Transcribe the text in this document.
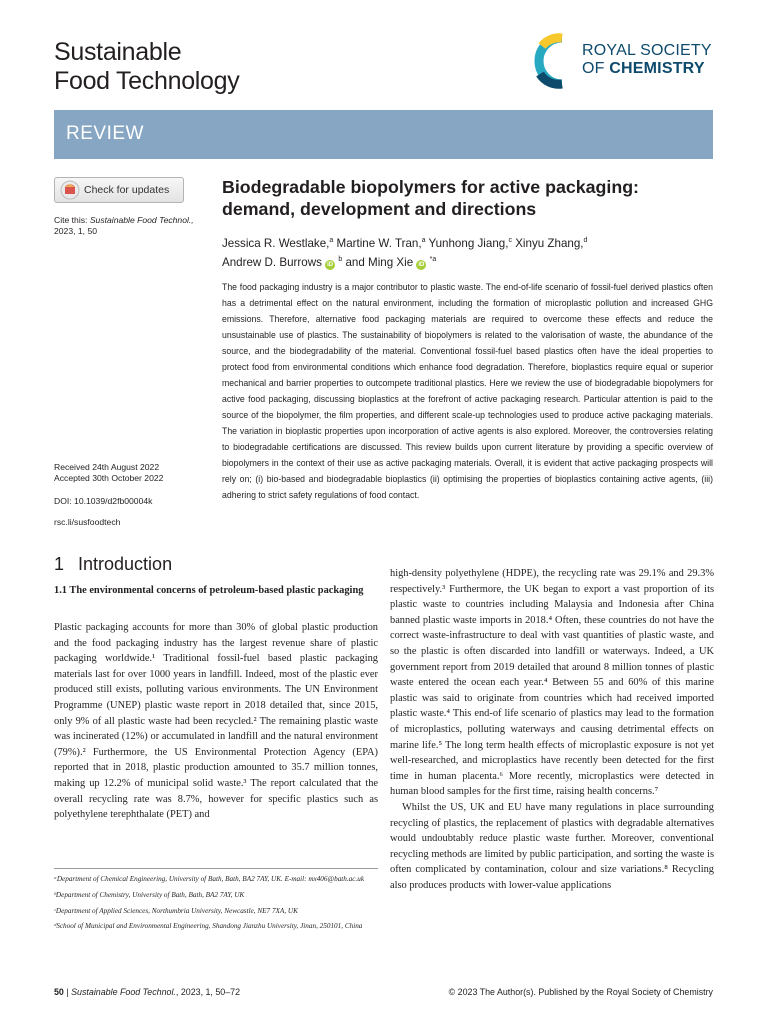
Sustainable
Food Technology
ROYAL SOCIETY
OF CHEMISTRY
REVIEW
Check for updates
Cite this: Sustainable Food Technol.,
2023, 1, 50
Received 24th August 2022
Accepted 30th October 2022
DOI: 10.1039/d2fb00004k
rsc.li/susfoodtech
Biodegradable biopolymers for active packaging: demand, development and directions
Jessica R. Westlake,$^a$ Martine W. Tran,$^a$ Yunhong Jiang,$^c$ Xinyu Zhang,$^d$
Andrew D. Burrows iD $^b$ and Ming Xie iD $^{*a}$
The food packaging industry is a major contributor to plastic waste. The end-of-life scenario of fossil-fuel derived plastics often has a detrimental effect on the natural environment, including the formation of microplastic pollution and increased GHG emissions. Therefore, alternative food packaging materials are required to overcome these effects and reduce the unsustainable use of plastics. The sustainability of biopolymers is related to the valorisation of waste, the abundance of the source, and the biodegradability of the material. Conventional fossil-fuel based plastics often have the ideal properties to protect food from environmental conditions which enhance food degradation. Therefore, bioplastics require equal or superior mechanical and barrier properties to outcompete traditional plastics. Here we review the use of biodegradable biopolymers for active food packaging, discussing bioplastics at the forefront of active packaging research. Particular attention is paid to the source of the biopolymer, the film properties, and different scale-up technologies used to produce active packaging materials. The variation in bioplastic properties upon incorporation of active agents is also explored. Moreover, the controversies relating to biodegradable certifications are discussed. This review builds upon current literature by providing a specific overview of biopolymers in the context of their use as active packaging materials. Overall, it is evident that active packaging prospects will rely on; (i) bio-based and biodegradable bioplastics (ii) optimising the properties of bioplastics containing active agents, (iii) adhering to strict safety regulations of food contact.
1 Introduction
1.1 The environmental concerns of petroleum-based plastic packaging
Plastic packaging accounts for more than 30% of global plastic production and the food packaging industry has the largest revenue share of plastic packaging worldwide.¹ Traditional fossil-fuel based plastic packaging materials last for over 1000 years in landfill. Indeed, most of the plastic ever produced still exists, polluting various environments. The UN Environment Programme (UNEP) plastic waste report in 2018 detailed that, since 2015, only 9% of all plastic waste had been recycled.² The remaining plastic waste was incinerated (12%) or accumulated in landfill and the natural environment (79%).² Furthermore, the US Environmental Protection Agency (EPA) reported that in 2018, plastic production amounted to 35.7 million tonnes, making up 12.2% of municipal solid waste.³ The report calculated that the overall recycling rate was 8.7%, however for specific plastics such as polyethylene terephthalate (PET) and

high-density polyethylene (HDPE), the recycling rate was 29.1% and 29.3% respectively.³ Furthermore, the UK began to export a vast proportion of its plastic waste to countries including Malaysia and Indonesia after China banned plastic waste imports in 2018.⁴ Often, these countries do not have the correct waste-infrastructure to deal with vast quantities of plastic waste, and so the plastic is often discarded into landfill or waterways. Indeed, a UK government report from 2019 detailed that around 8 million tonnes of plastic waste entered the ocean each year.⁴ Between 55 and 60% of this marine plastic was said to originate from countries which had received imported plastic waste.⁴ This end-of life scenario of plastics may lead to the formation of microplastics, polluting waterways and causing detrimental effects on marine life.⁵ The long term health effects of microplastic exposure is not yet well-researched, and microplastics have recently been detected for the first time in human placenta.⁶ More recently, microplastics were detected in human blood samples for the first time, raising health concerns.⁷

Whilst the US, UK and EU have many regulations in place surrounding recycling of plastics, the replacement of plastics with degradable alternatives would undoubtably reduce plastic waste further. Moreover, conventional recycling methods are limited by public participation, and sorting the waste is often complicated by contamination, colour and size variations.⁸ Recycling also produces products with lower-value applications

ᵃDepartment of Chemical Engineering, University of Bath, Bath, BA2 7AY, UK. E-mail: mx406@bath.ac.uk

ᵇDepartment of Chemistry, University of Bath, Bath, BA2 7AY, UK

ᶜDepartment of Applied Sciences, Northumbria University, Newcastle, NE7 7XA, UK

ᵈSchool of Municipal and Environmental Engineering, Shandong Jianzhu University, Jinan, 250101, China

50 | Sustainable Food Technol., 2023, 1, 50–72	© 2023 The Author(s). Published by the Royal Society of Chemistry
